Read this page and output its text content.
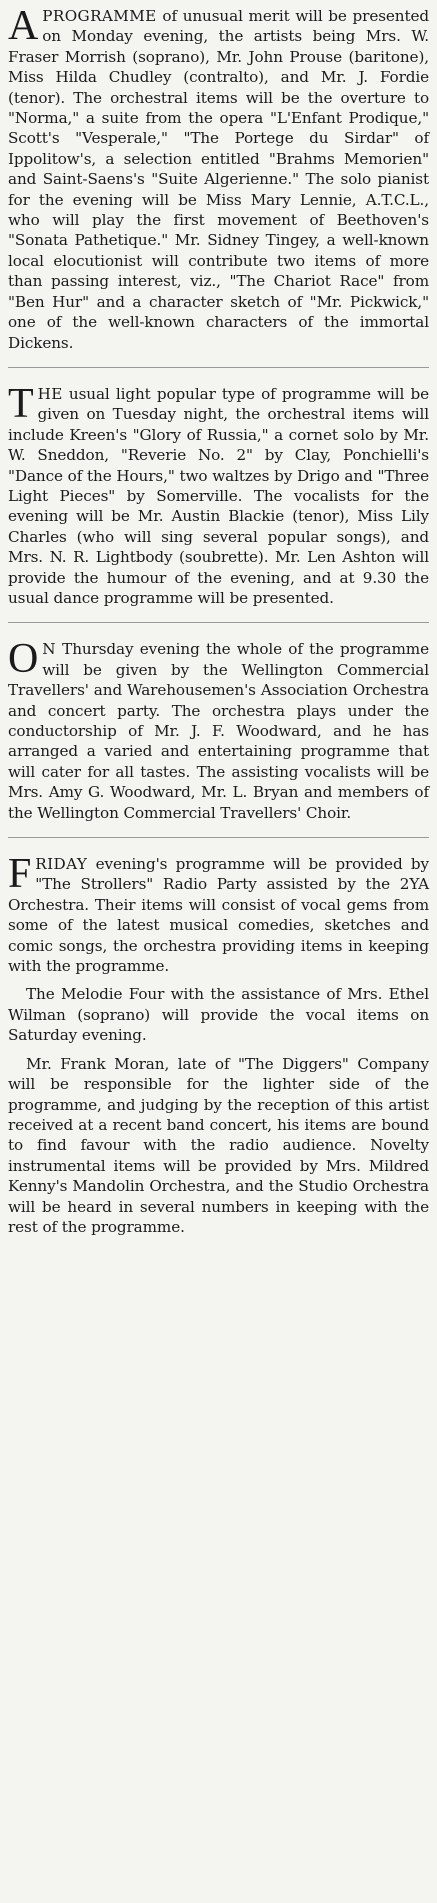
APROGRAMME of unusual merit will be presented on Monday evening, the artists being Mrs. W. Fraser Morrish (soprano), Mr. John Prouse (baritone), Miss Hilda Chudley (contralto), and Mr. J. Fordie (tenor). The orchestral items will be the overture to "Norma," a suite from the opera "L'Enfant Prodique," Scott's "Vesperale," "The Portege du Sirdar" of Ippolitow's, a selection entitled "Brahms Memorien" and Saint-Saens's "Suite Algerienne." The solo pianist for the evening will be Miss Mary Lennie, A.T.C.L., who will play the first movement of Beethoven's "Sonata Pathetique." Mr. Sidney Tingey, a well-known local elocutionist will contribute two items of more than passing interest, viz., "The Chariot Race" from "Ben Hur" and a character sketch of "Mr. Pickwick," one of the well-known characters of the immortal Dickens.

THE usual light popular type of programme will be given on Tuesday night, the orchestral items will include Kreen's "Glory of Russia," a cornet solo by Mr. W. Sneddon, "Reverie No. 2" by Clay, Ponchielli's "Dance of the Hours," two waltzes by Drigo and "Three Light Pieces" by Somerville. The vocalists for the evening will be Mr. Austin Blackie (tenor), Miss Lily Charles (who will sing several popular songs), and Mrs. N. R. Lightbody (soubrette). Mr. Len Ashton will provide the humour of the evening, and at 9.30 the usual dance programme will be presented.

O N Thursday evening the whole of the programme will be given by the Wellington Commercial Travellers' and Warehousemen's Association Orchestra and concert party. The orchestra plays under the conductorship of Mr. J. F. Woodward, and he has arranged a varied and entertaining programme that will cater for all tastes. The assisting vocalists will be Mrs. Amy G. Woodward, Mr. L. Bryan and members of the Wellington Commercial Travellers' Choir.

FRIDAY evening's programme will be provided by "The Strollers" Radio Party assisted by the 2YA Orchestra. Their items will consist of vocal gems from some of the latest musical comedies, sketches and comic songs, the orchestra providing items in keeping with the programme.

The Melodie Four with the assistance of Mrs. Ethel Wilman (soprano) will provide the vocal items on Saturday evening.

Mr. Frank Moran, late of "The Diggers" Company will be responsible for the lighter side of the programme, and judging by the reception of this artist received at a recent band concert, his items are bound to find favour with the radio audience. Novelty instrumental items will be provided by Mrs. Mildred Kenny's Mandolin Orchestra, and the Studio Orchestra will be heard in several numbers in keeping with the rest of the programme.
